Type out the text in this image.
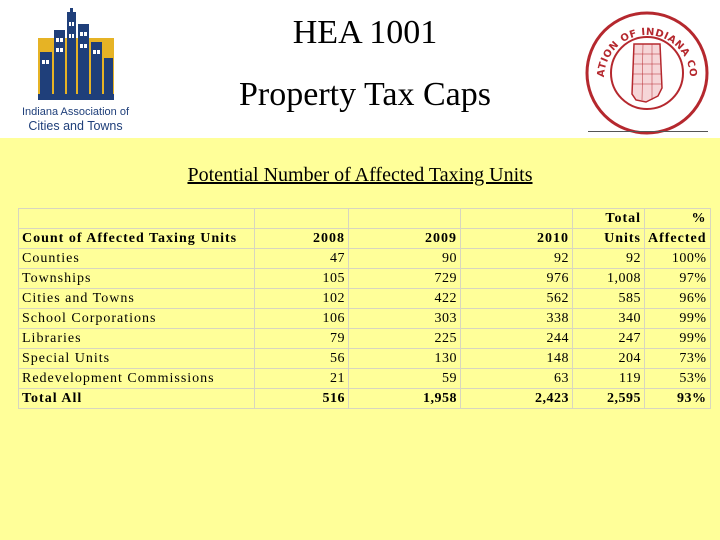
Indiana Association of
Cities and Towns
HEA 1001
Property Tax Caps
ATION OF INDIANA CO
Potential Number of Affected Taxing Units
				Total	%
Count of Affected Taxing Units	2008	2009	2010	Units	Affected
Counties	47	90	92	92	100%
Townships	105	729	976	1,008	97%
Cities and Towns	102	422	562	585	96%
School Corporations	106	303	338	340	99%
Libraries	79	225	244	247	99%
Special Units	56	130	148	204	73%
Redevelopment Commissions	21	59	63	119	53%
Total All	516	1,958	2,423	2,595	93%
